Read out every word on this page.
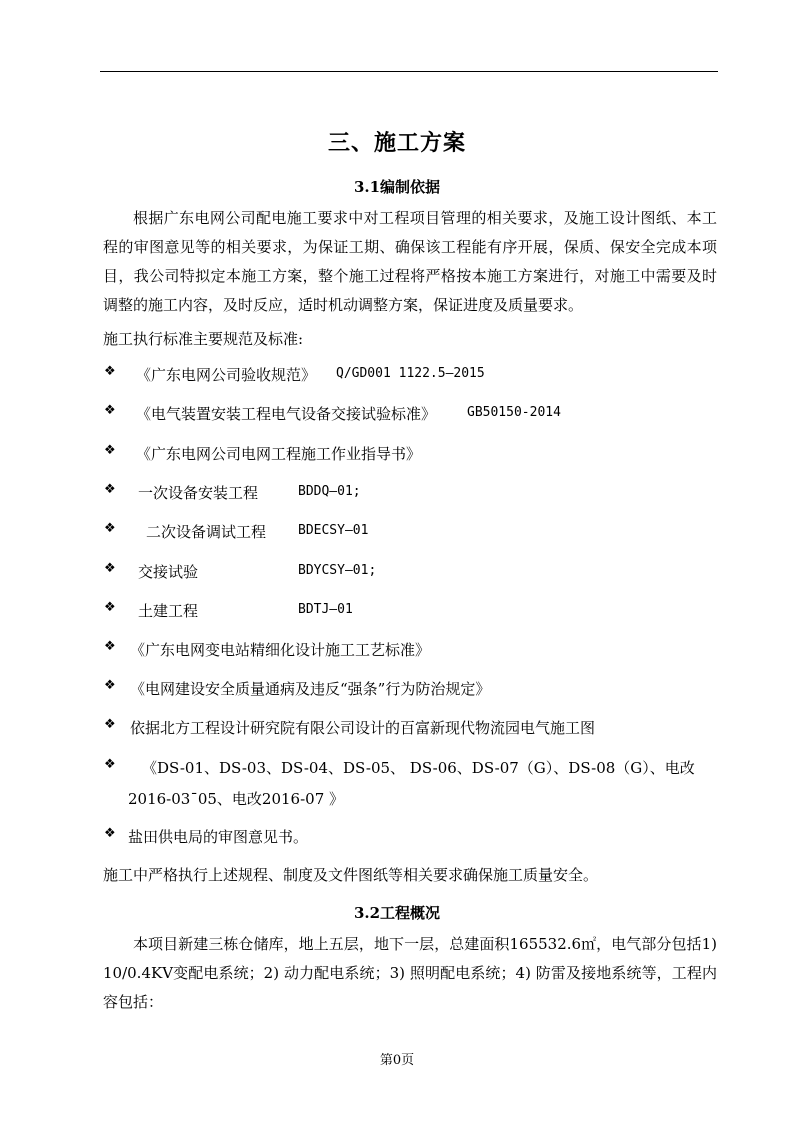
三、施工方案
3.1编制依据
根据广东电网公司配电施工要求中对工程项目管理的相关要求，及施工设计图纸、本工程的审图意见等的相关要求，为保证工期、确保该工程能有序开展，保质、保安全完成本项目，我公司特拟定本施工方案，整个施工过程将严格按本施工方案进行，对施工中需要及时调整的施工内容，及时反应，适时机动调整方案，保证进度及质量要求。
施工执行标准主要规范及标准:
❖ 《广东电网公司验收规范》 Q/GD001 1122.5—2015
❖ 《电气装置安装工程电气设备交接试验标准》 GB50150-2014
❖ 《广东电网公司电网工程施工作业指导书》
❖ 一次设备安装工程	BDDQ—01;
❖ 二次设备调试工程 BDECSY—01
❖ 交接试验	BDYCSY—01;
❖ 土建工程	BDTJ—01
❖ 《广东电网变电站精细化设计施工工艺标准》
❖ 《电网建设安全质量通病及违反“强条”行为防治规定》
❖ 依据北方工程设计研究院有限公司设计的百富新现代物流园电气施工图
❖ 《DS-01、DS-03、DS-04、DS-05、 DS-06、DS-07（G）、DS-08（G）、电改
2016-03¯05、电改2016-07 》
❖ 盐田供电局的审图意见书。
施工中严格执行上述规程、制度及文件图纸等相关要求确保施工质量安全。
3.2工程概况
本项目新建三栋仓储库，地上五层，地下一层，总建面积165532.6㎡，电气部分包括1) 10/0.4KV变配电系统；2) 动力配电系统；3) 照明配电系统；4) 防雷及接地系统等，工程内容包括：
第0页
